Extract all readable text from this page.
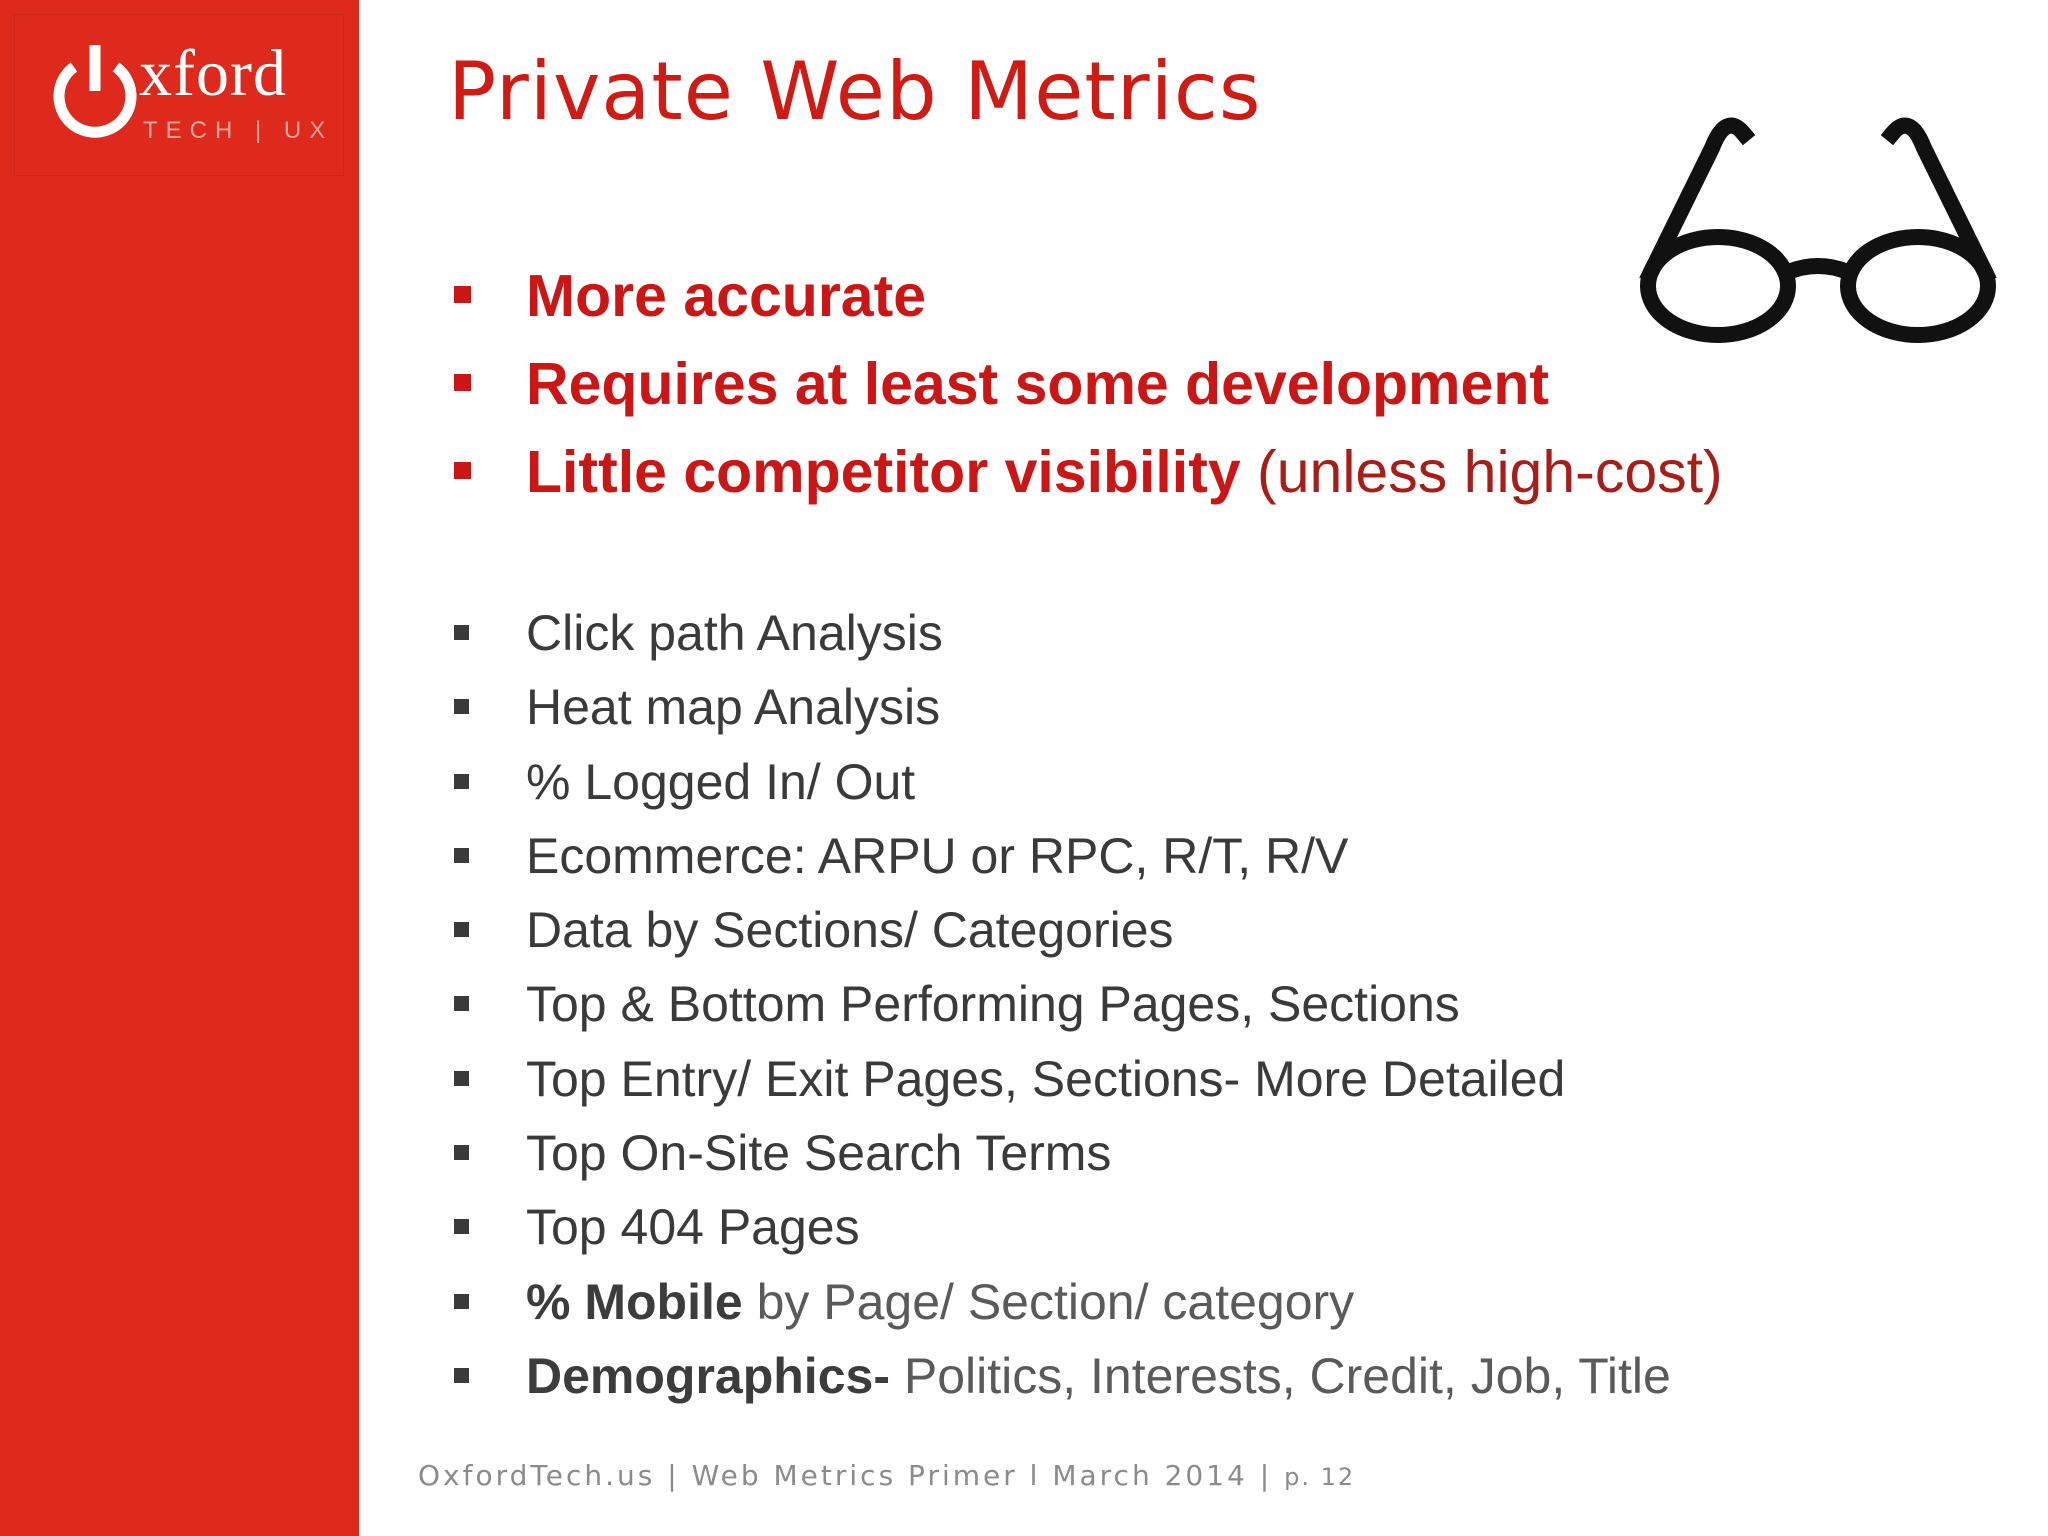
xford
TECH | UX Private Web Metrics
More accurate
Requires at least some development
Little competitor visibility (unless high-cost)
Click path Analysis
Heat map Analysis
% Logged In/ Out
Ecommerce: ARPU or RPC, R/T, R/V
Data by Sections/ Categories
Top & Bottom Performing Pages, Sections
Top Entry/ Exit Pages, Sections- More Detailed
Top On-Site Search Terms
Top 404 Pages
% Mobile by Page/ Section/ category
Demographics- Politics, Interests, Credit, Job, Title
OxfordTech.us | Web Metrics Primer l March 2014 | p. 12
